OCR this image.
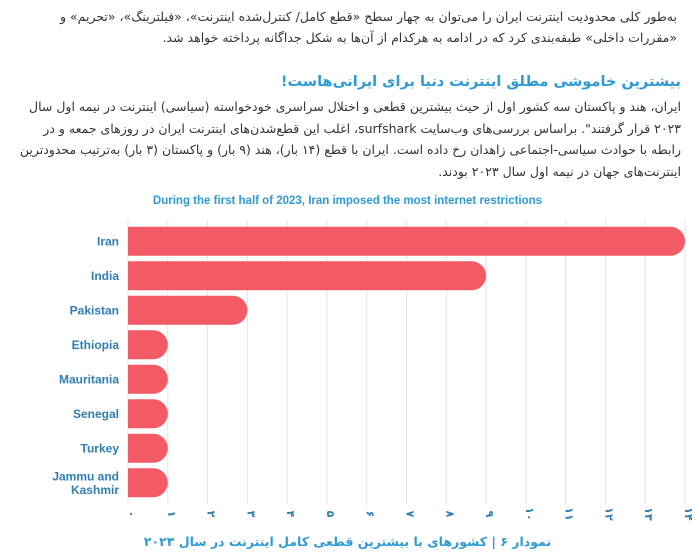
به‌طور کلی محدودیت اینترنت ایران را می‌توان به چهار سطح «قطع کامل/ کنترل‌شده اینترنت»، «فیلترینگ»، «تحریم» و «مقررات داخلی» طبقه‌بندی کرد که در ادامه به هرکدام از آن‌ها به شکل جداگانه پرداخته خواهد شد.
بیشترین خاموشی مطلق اینترنت دنیا برای ایرانی‌هاست!
ایران، هند و پاکستان سه کشور اول از حیث بیشترین قطعی و اختلال سراسری خودخواسته (سیاسی) اینترنت در نیمه اول سال ۲۰۲۳ قرار گرفتند". براساس بررسی‌های وب‌سایت surfshark، اغلب این قطع‌شدن‌های اینترنت ایران در روزهای جمعه و در رابطه با حوادث سیاسی-اجتماعی زاهدان رخ داده است. ایران با قطع (۱۴ بار)، هند (۹ بار) و پاکستان (۳ بار) به‌ترتیب محدودترین اینترنت‌های جهان در نیمه اول سال ۲۰۲۳ بودند.
During the first half of 2023, Iran imposed the most internet restrictions
Iran
India
Pakistan
Ethiopia
Mauritania
Senegal
Turkey
Jammu and Kashmir
۰ ۱ ۲ ۳ ۴ ۵ ۶ ۷ ۸ ۹ ۱۰ ۱۱ ۱۲ ۱۳ ۱۴
نمودار ۶ | کشورهای با بیشترین قطعی کامل اینترنت در سال ۲۰۲۳
